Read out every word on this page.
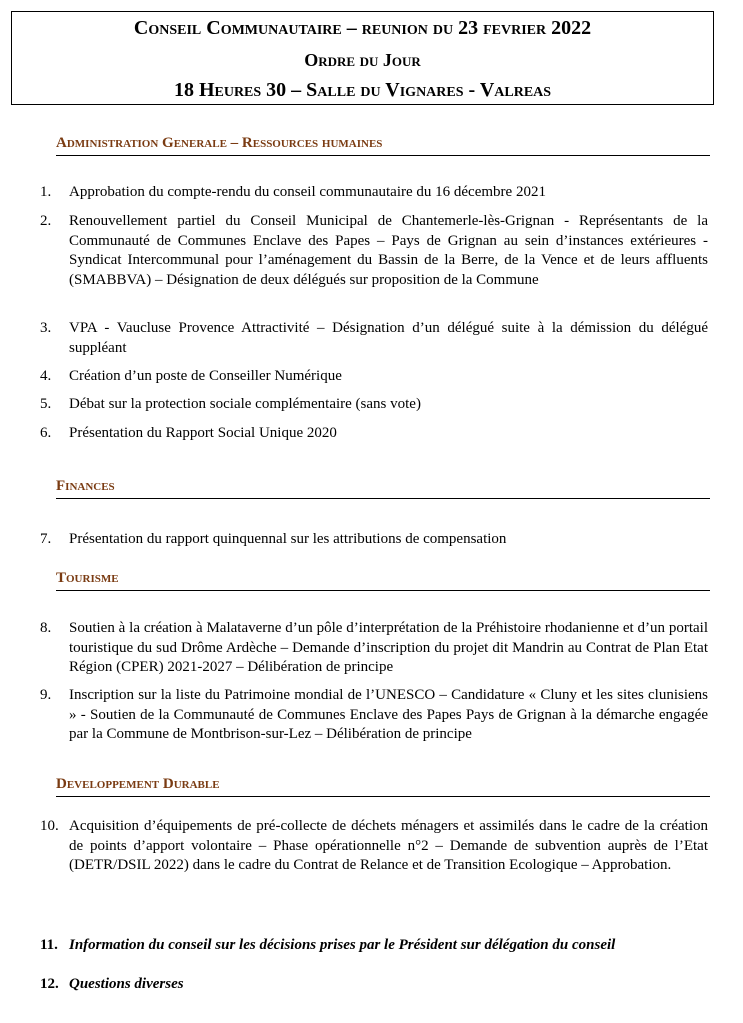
Conseil Communautaire – reunion du 23 fevrier 2022
Ordre du Jour
18 Heures 30 – Salle du Vignares - Valreas
Administration Generale – Ressources humaines
1.	Approbation du compte-rendu du conseil communautaire du 16 décembre 2021
2.	Renouvellement partiel du Conseil Municipal de Chantemerle-lès-Grignan - Représentants de la Communauté de Communes Enclave des Papes – Pays de Grignan au sein d’instances extérieures - Syndicat Intercommunal pour l’aménagement du Bassin de la Berre, de la Vence et de leurs affluents (SMABBVA) – Désignation de deux délégués sur proposition de la Commune
3.	VPA - Vaucluse Provence Attractivité – Désignation d’un délégué suite à la démission du délégué suppléant
4.	Création d’un poste de Conseiller Numérique
5.	Débat sur la protection sociale complémentaire (sans vote)
6.	Présentation du Rapport Social Unique 2020
Finances
7.	Présentation du rapport quinquennal sur les attributions de compensation
Tourisme
8.	Soutien à la création à Malataverne d’un pôle d’interprétation de la Préhistoire rhodanienne et d’un portail touristique du sud Drôme Ardèche – Demande d’inscription du projet dit Mandrin au Contrat de Plan Etat Région (CPER) 2021-2027 – Délibération de principe
9.	Inscription sur la liste du Patrimoine mondial de l’UNESCO – Candidature « Cluny et les sites clunisiens » - Soutien de la Communauté de Communes Enclave des Papes Pays de Grignan à la démarche engagée par la Commune de Montbrison-sur-Lez – Délibération de principe
Developpement Durable
10. Acquisition d’équipements de pré-collecte de déchets ménagers et assimilés dans le cadre de la création de points d’apport volontaire – Phase opérationnelle n°2 – Demande de subvention auprès de l’Etat (DETR/DSIL 2022) dans le cadre du Contrat de Relance et de Transition Ecologique – Approbation.
11. Information du conseil sur les décisions prises par le Président sur délégation du conseil
12. Questions diverses
